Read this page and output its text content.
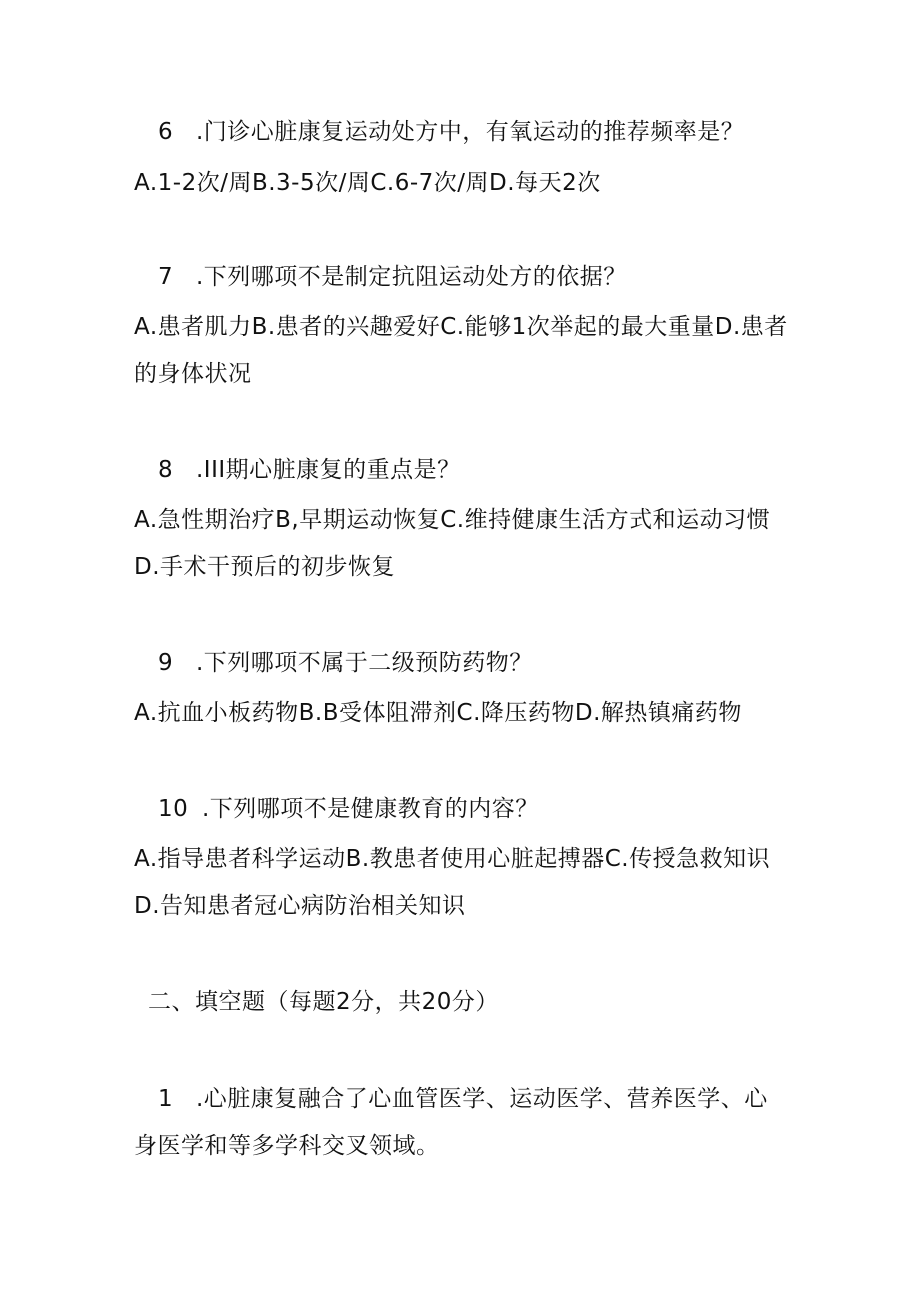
6 .门诊心脏康复运动处方中，有氧运动的推荐频率是？
A.1-2次/周B.3-5次/周C.6-7次/周D.每天2次
7 .下列哪项不是制定抗阻运动处方的依据？
A.患者肌力B.患者的兴趣爱好C.能够1次举起的最大重量D.患者
的身体状况
8 .III期心脏康复的重点是？
A.急性期治疗B,早期运动恢复C.维持健康生活方式和运动习惯
D.手术干预后的初步恢复
9 .下列哪项不属于二级预防药物？
A.抗血小板药物B.B受体阻滞剂C.降压药物D.解热镇痛药物
10 .下列哪项不是健康教育的内容？
A.指导患者科学运动B.教患者使用心脏起搏器C.传授急救知识
D.告知患者冠心病防治相关知识
二、填空题（每题2分，共20分）
1 .心脏康复融合了心血管医学、运动医学、营养医学、心
身医学和等多学科交叉领域。
